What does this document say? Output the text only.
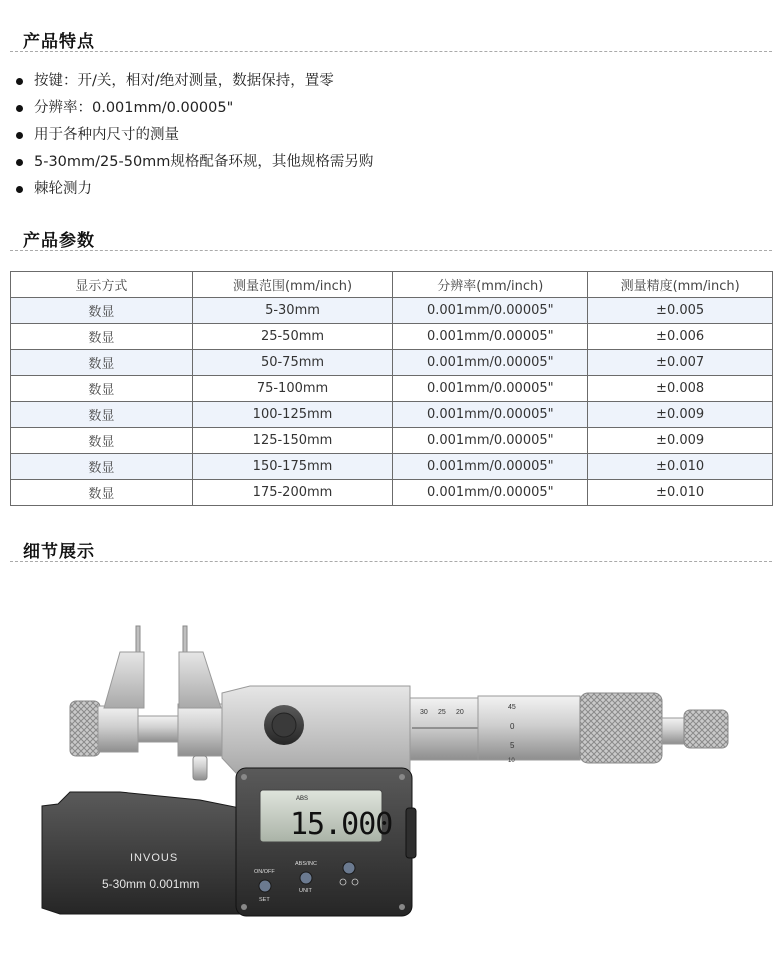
产品特点
按键：开/关，相对/绝对测量，数据保持，置零
分辨率：0.001mm/0.00005"
用于各种内尺寸的测量
5-30mm/25-50mm规格配备环规，其他规格需另购
棘轮测力
产品参数
显示方式	测量范围(mm/inch)	分辨率(mm/inch)	测量精度(mm/inch)
数显	5-30mm	0.001mm/0.00005"	±0.005
数显	25-50mm	0.001mm/0.00005"	±0.006
数显	50-75mm	0.001mm/0.00005"	±0.007
数显	75-100mm	0.001mm/0.00005"	±0.008
数显	100-125mm	0.001mm/0.00005"	±0.009
数显	125-150mm	0.001mm/0.00005"	±0.009
数显	150-175mm	0.001mm/0.00005"	±0.010
数显	175-200mm	0.001mm/0.00005"	±0.010
细节展示
30 25 20
45
0
5
10
INVOUS
5-30mm 0.001mm
ABS
15.000
ON/OFF
SET
ABS/INC
UNIT
